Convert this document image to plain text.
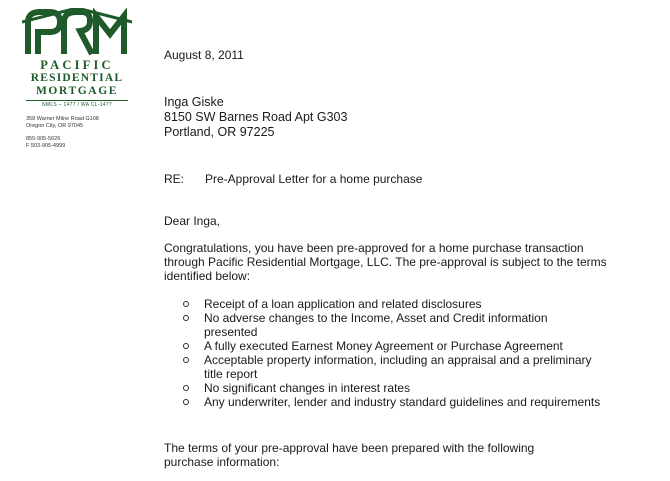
PACIFIC
RESIDENTIAL
MORTGAGE
NMLS – 1477 / WA CL-1477
358 Warner Milne Road G108
Oregon City, OR 97045
855-905-5626
F 503-905-4999
August 8, 2011
Inga Giske
8150 SW Barnes Road Apt G303
Portland, OR 97225
RE: Pre-Approval Letter for a home purchase
Dear Inga,
Congratulations, you have been pre-approved for a home purchase transaction through Pacific Residential Mortgage, LLC. The pre-approval is subject to the terms identified below:
Receipt of a loan application and related disclosures
No adverse changes to the Income, Asset and Credit information presented
A fully executed Earnest Money Agreement or Purchase Agreement
Acceptable property information, including an appraisal and a preliminary title report
No significant changes in interest rates
Any underwriter, lender and industry standard guidelines and requirements
The terms of your pre-approval have been prepared with the following purchase information:
